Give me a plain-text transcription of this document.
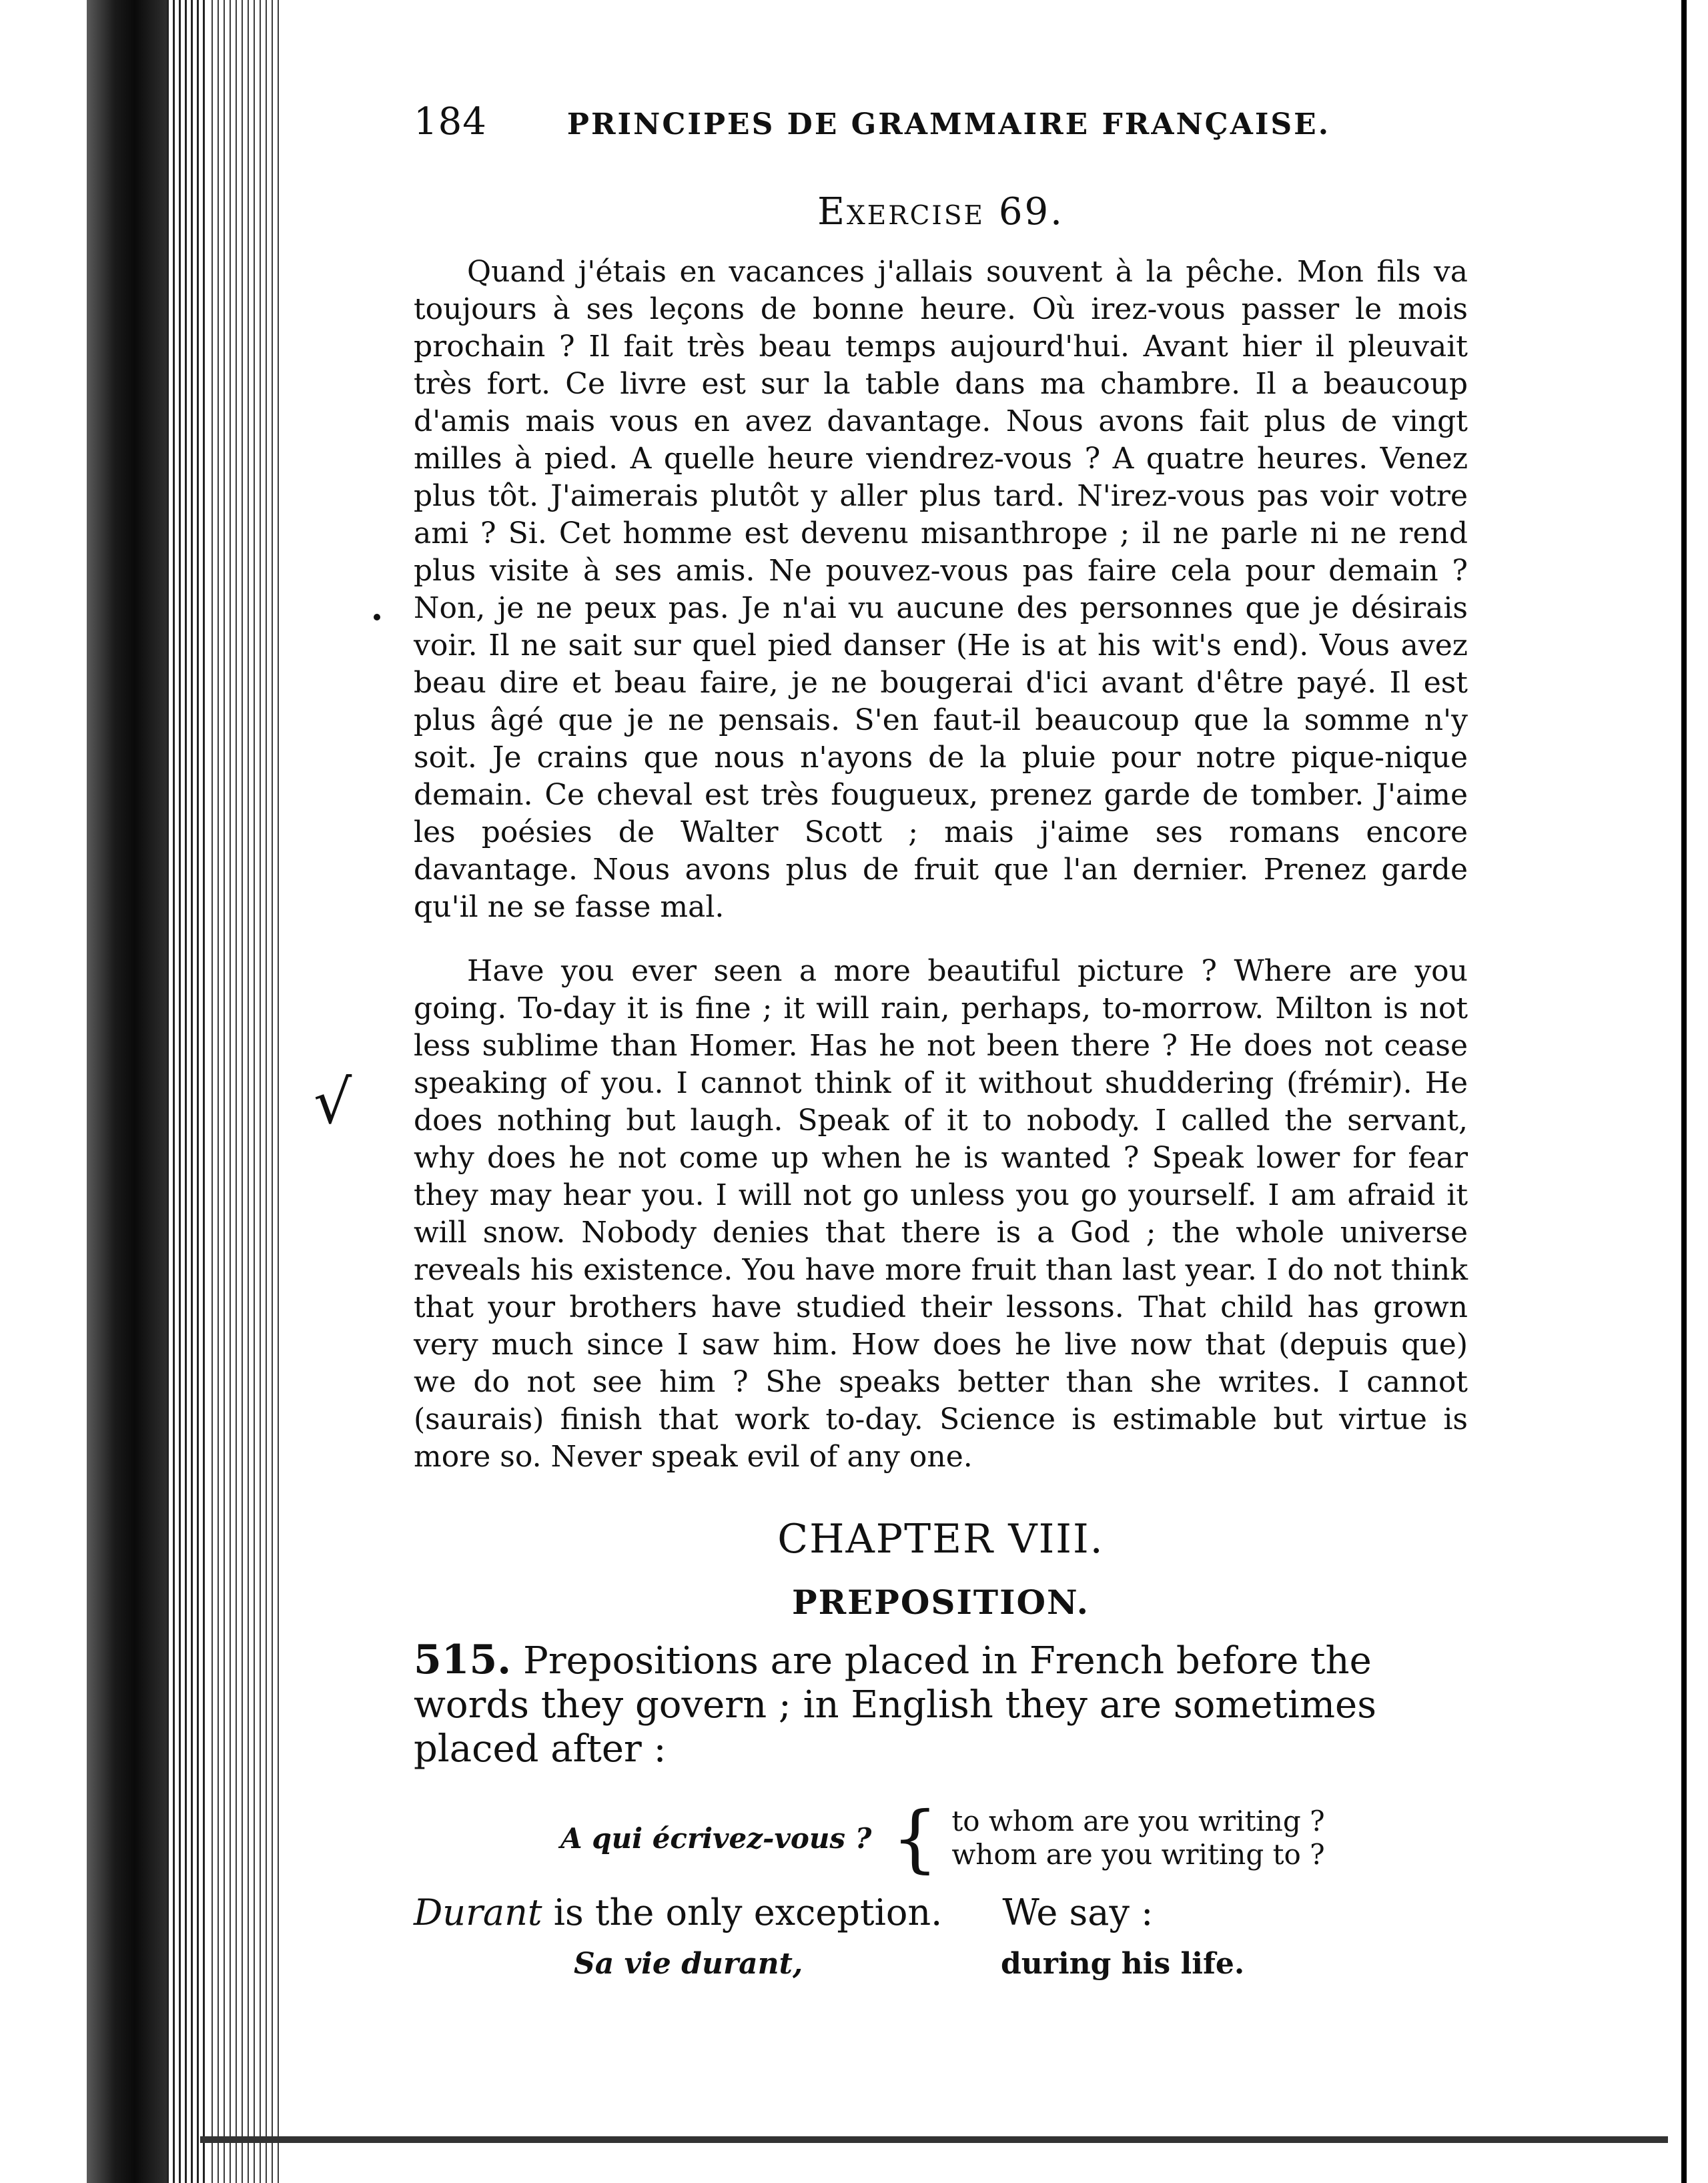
√
184	PRINCIPES DE GRAMMAIRE FRANÇAISE.
Exercise 69.

Quand j'étais en vacances j'allais souvent à la pêche. Mon fils va toujours à ses leçons de bonne heure. Où irez-vous passer le mois prochain ? Il fait très beau temps aujourd'hui. Avant hier il pleuvait très fort. Ce livre est sur la table dans ma chambre. Il a beaucoup d'amis mais vous en avez davantage. Nous avons fait plus de vingt milles à pied. A quelle heure viendrez-vous ? A quatre heures. Venez plus tôt. J'aimerais plutôt y aller plus tard. N'irez-vous pas voir votre ami ? Si. Cet homme est devenu misanthrope ; il ne parle ni ne rend plus visite à ses amis. Ne pouvez-vous pas faire cela pour demain ? Non, je ne peux pas. Je n'ai vu aucune des personnes que je désirais voir. Il ne sait sur quel pied danser (He is at his wit's end). Vous avez beau dire et beau faire, je ne bougerai d'ici avant d'être payé. Il est plus âgé que je ne pensais. S'en faut-il beaucoup que la somme n'y soit. Je crains que nous n'ayons de la pluie pour notre pique-nique demain. Ce cheval est très fougueux, prenez garde de tomber. J'aime les poésies de Walter Scott ; mais j'aime ses romans encore davantage. Nous avons plus de fruit que l'an dernier. Prenez garde qu'il ne se fasse mal.

Have you ever seen a more beautiful picture ? Where are you going. To-day it is fine ; it will rain, perhaps, to-morrow. Milton is not less sublime than Homer. Has he not been there ? He does not cease speaking of you. I cannot think of it without shuddering (frémir). He does nothing but laugh. Speak of it to nobody. I called the servant, why does he not come up when he is wanted ? Speak lower for fear they may hear you. I will not go unless you go yourself. I am afraid it will snow. Nobody denies that there is a God ; the whole universe reveals his existence. You have more fruit than last year. I do not think that your brothers have studied their lessons. That child has grown very much since I saw him. How does he live now that (depuis que) we do not see him ? She speaks better than she writes. I cannot (saurais) finish that work to-day. Science is estimable but virtue is more so. Never speak evil of any one.

CHAPTER VIII.
PREPOSITION.

515. Prepositions are placed in French before the words they govern ; in English they are sometimes placed after :

A qui écrivez-vous ? { to whom are you writing ?
whom are you writing to ?
Durant is the only exception. We say :
Sa vie durant,	during his life.
